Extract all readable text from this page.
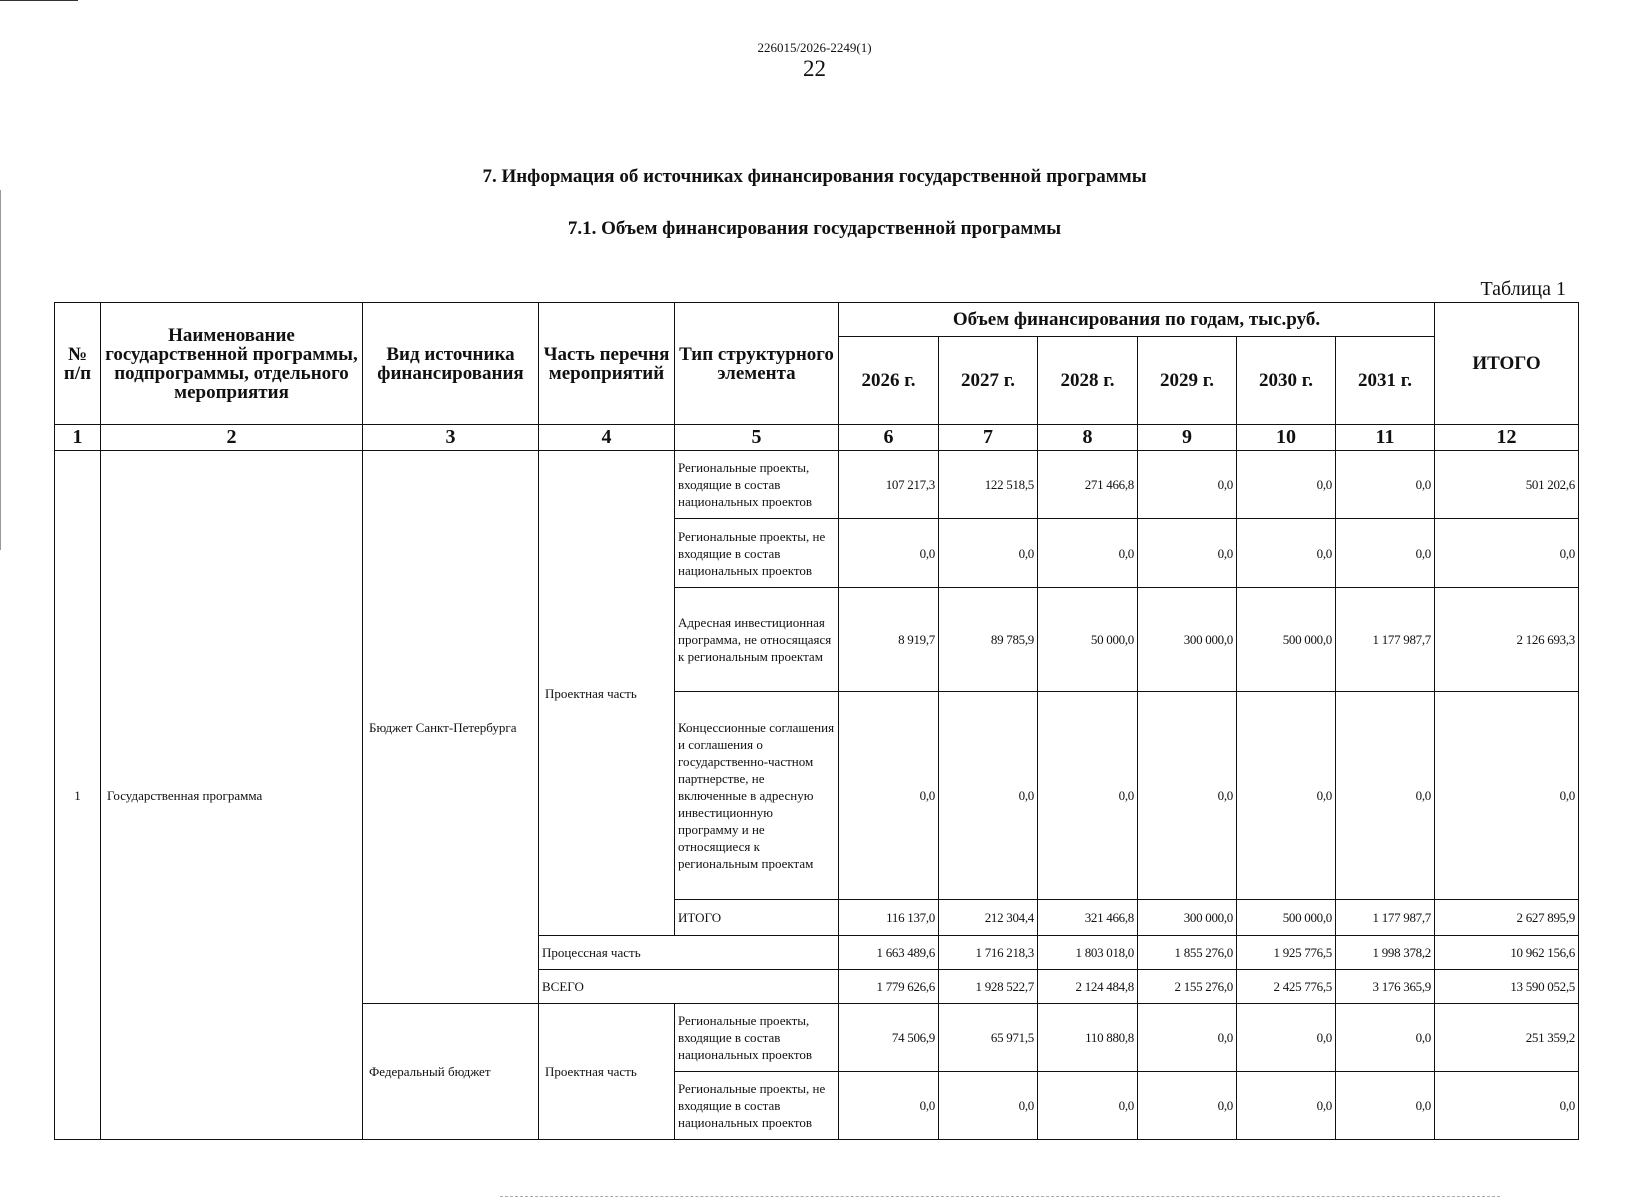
226015/2026-2249(1)
22
7. Информация об источниках финансирования государственной программы
7.1. Объем финансирования государственной программы
Таблица 1
№ п/п	Наименование государственной программы, подпрограммы, отдельного мероприятия	Вид источника финансирования	Часть перечня мероприятий	Тип структурного элемента	Объем финансирования по годам, тыс.руб.						ИТОГО
					2026 г.	2027 г.	2028 г.	2029 г.	2030 г.	2031 г.	
1	2	3	4	5	6	7	8	9	10	11	12
1	Государственная программа	Бюджет Санкт-Петербурга	Проектная часть	Региональные проекты, входящие в состав национальных проектов	107 217,3	122 518,5	271 466,8	0,0	0,0	0,0	501 202,6
				Региональные проекты, не входящие в состав национальных проектов	0,0	0,0	0,0	0,0	0,0	0,0	0,0
				Адресная инвестиционная программа, не относящаяся к региональным проектам	8 919,7	89 785,9	50 000,0	300 000,0	500 000,0	1 177 987,7	2 126 693,3
				Концессионные соглашения и соглашения о государственно-частном партнерстве, не включенные в адресную инвестиционную программу и не относящиеся к региональным проектам	0,0	0,0	0,0	0,0	0,0	0,0	0,0
				ИТОГО	116 137,0	212 304,4	321 466,8	300 000,0	500 000,0	1 177 987,7	2 627 895,9
			Процессная часть		1 663 489,6	1 716 218,3	1 803 018,0	1 855 276,0	1 925 776,5	1 998 378,2	10 962 156,6
			ВСЕГО		1 779 626,6	1 928 522,7	2 124 484,8	2 155 276,0	2 425 776,5	3 176 365,9	13 590 052,5
		Федеральный бюджет	Проектная часть	Региональные проекты, входящие в состав национальных проектов	74 506,9	65 971,5	110 880,8	0,0	0,0	0,0	251 359,2
				Региональные проекты, не входящие в состав национальных проектов	0,0	0,0	0,0	0,0	0,0	0,0	0,0
